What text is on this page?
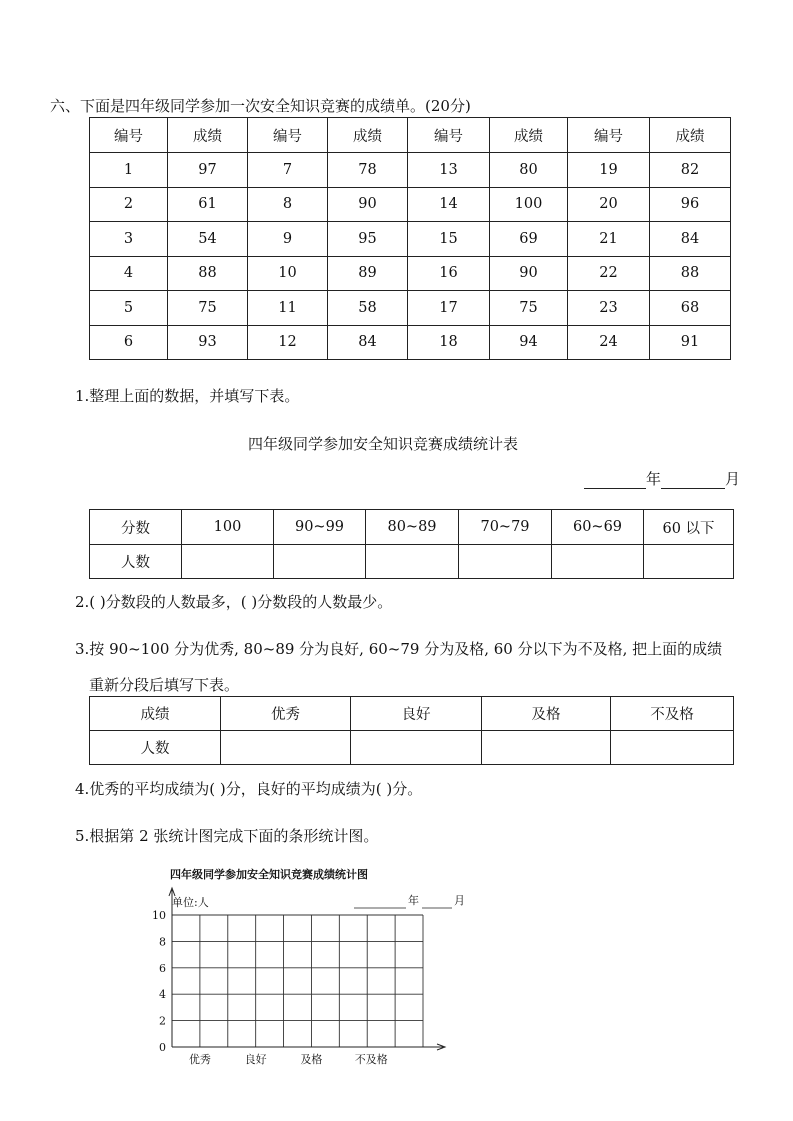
六、下面是四年级同学参加一次安全知识竞赛的成绩单。(20分)
编号	成绩	编号	成绩	编号	成绩	编号	成绩
1	97	7	78	13	80	19	82
2	61	8	90	14	100	20	96
3	54	9	95	15	69	21	84
4	88	10	89	16	90	22	88
5	75	11	58	17	75	23	68
6	93	12	84	18	94	24	91
1.整理上面的数据，并填写下表。
四年级同学参加安全知识竞赛成绩统计表
年	月
分数	100	90~99	80~89	70~79	60~69	60 以下
人数						
2.( )分数段的人数最多，( )分数段的人数最少。
3.按 90~100 分为优秀, 80~89 分为良好, 60~79 分为及格, 60 分以下为不及格, 把上面的成绩
重新分段后填写下表。
成绩	优秀	良好	及格	不及格
人数				
4.优秀的平均成绩为( )分，良好的平均成绩为( )分。
5.根据第 2 张统计图完成下面的条形统计图。
四年级同学参加安全知识竞赛成绩统计图
0
2
4
6
8
10
优秀	良好	及格	不及格
单位:人	年	月
